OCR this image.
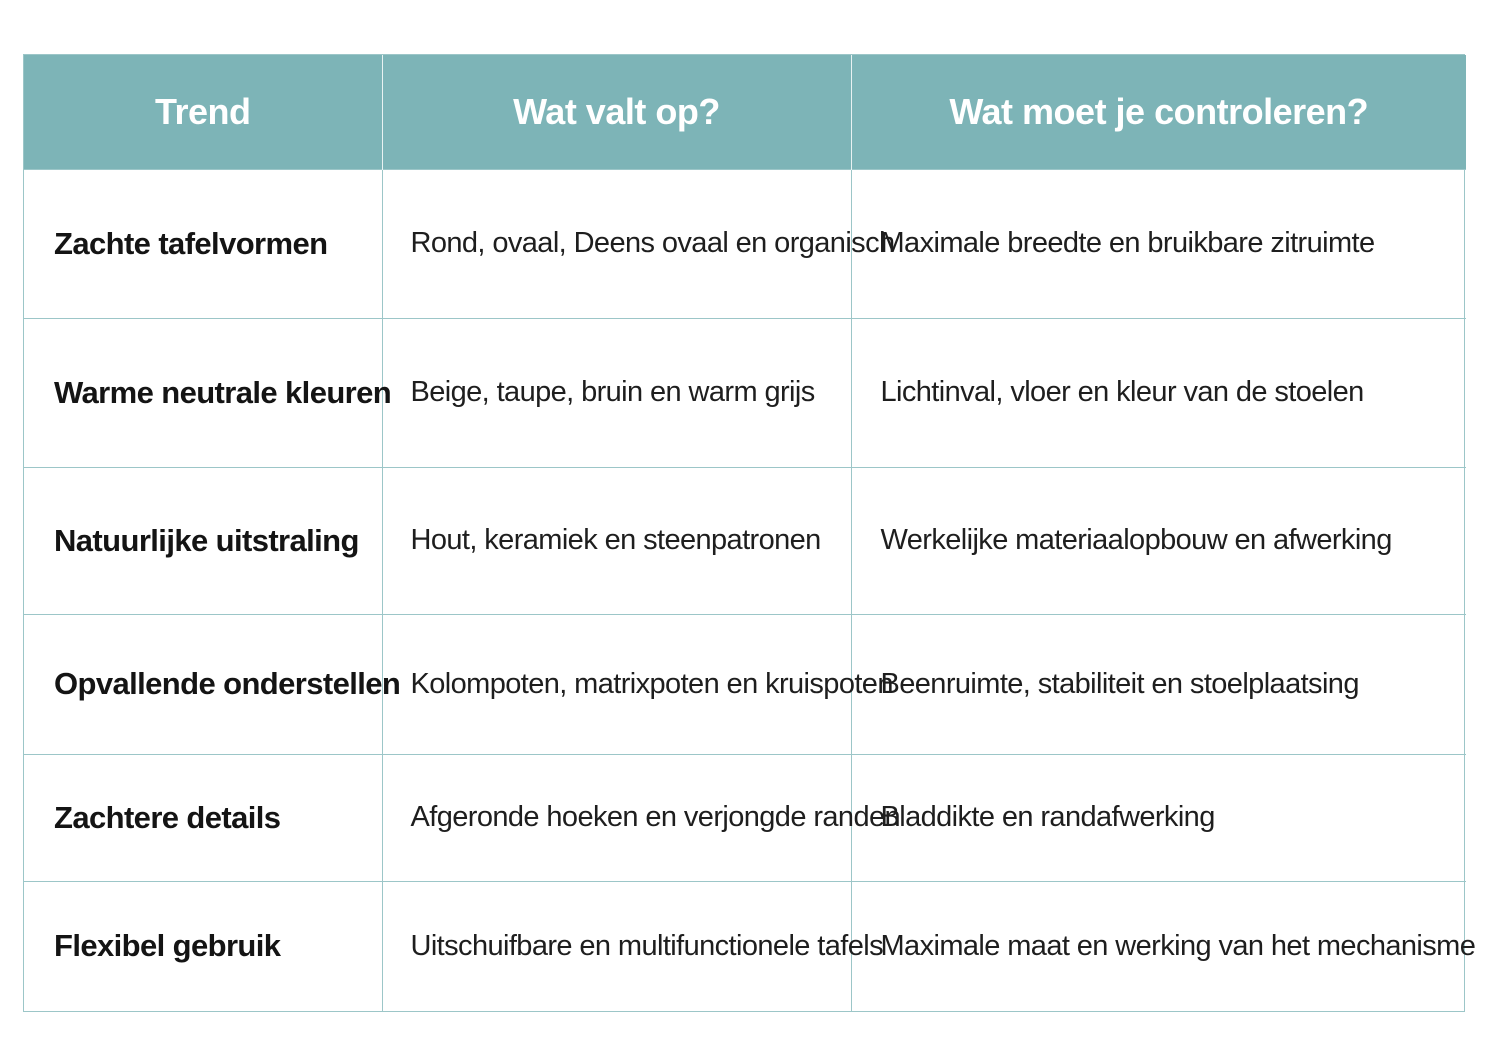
Trend	Wat valt op?	Wat moet je controleren?
Zachte tafelvormen	Rond, ovaal, Deens ovaal en organisch	Maximale breedte en bruikbare zitruimte
Warme neutrale kleuren	Beige, taupe, bruin en warm grijs	Lichtinval, vloer en kleur van de stoelen
Natuurlijke uitstraling	Hout, keramiek en steenpatronen	Werkelijke materiaalopbouw en afwerking
Opvallende onderstellen	Kolompoten, matrixpoten en kruispoten	Beenruimte, stabiliteit en stoelplaatsing
Zachtere details	Afgeronde hoeken en verjongde randen	Bladdikte en randafwerking
Flexibel gebruik	Uitschuifbare en multifunctionele tafels	Maximale maat en werking van het mechanisme
